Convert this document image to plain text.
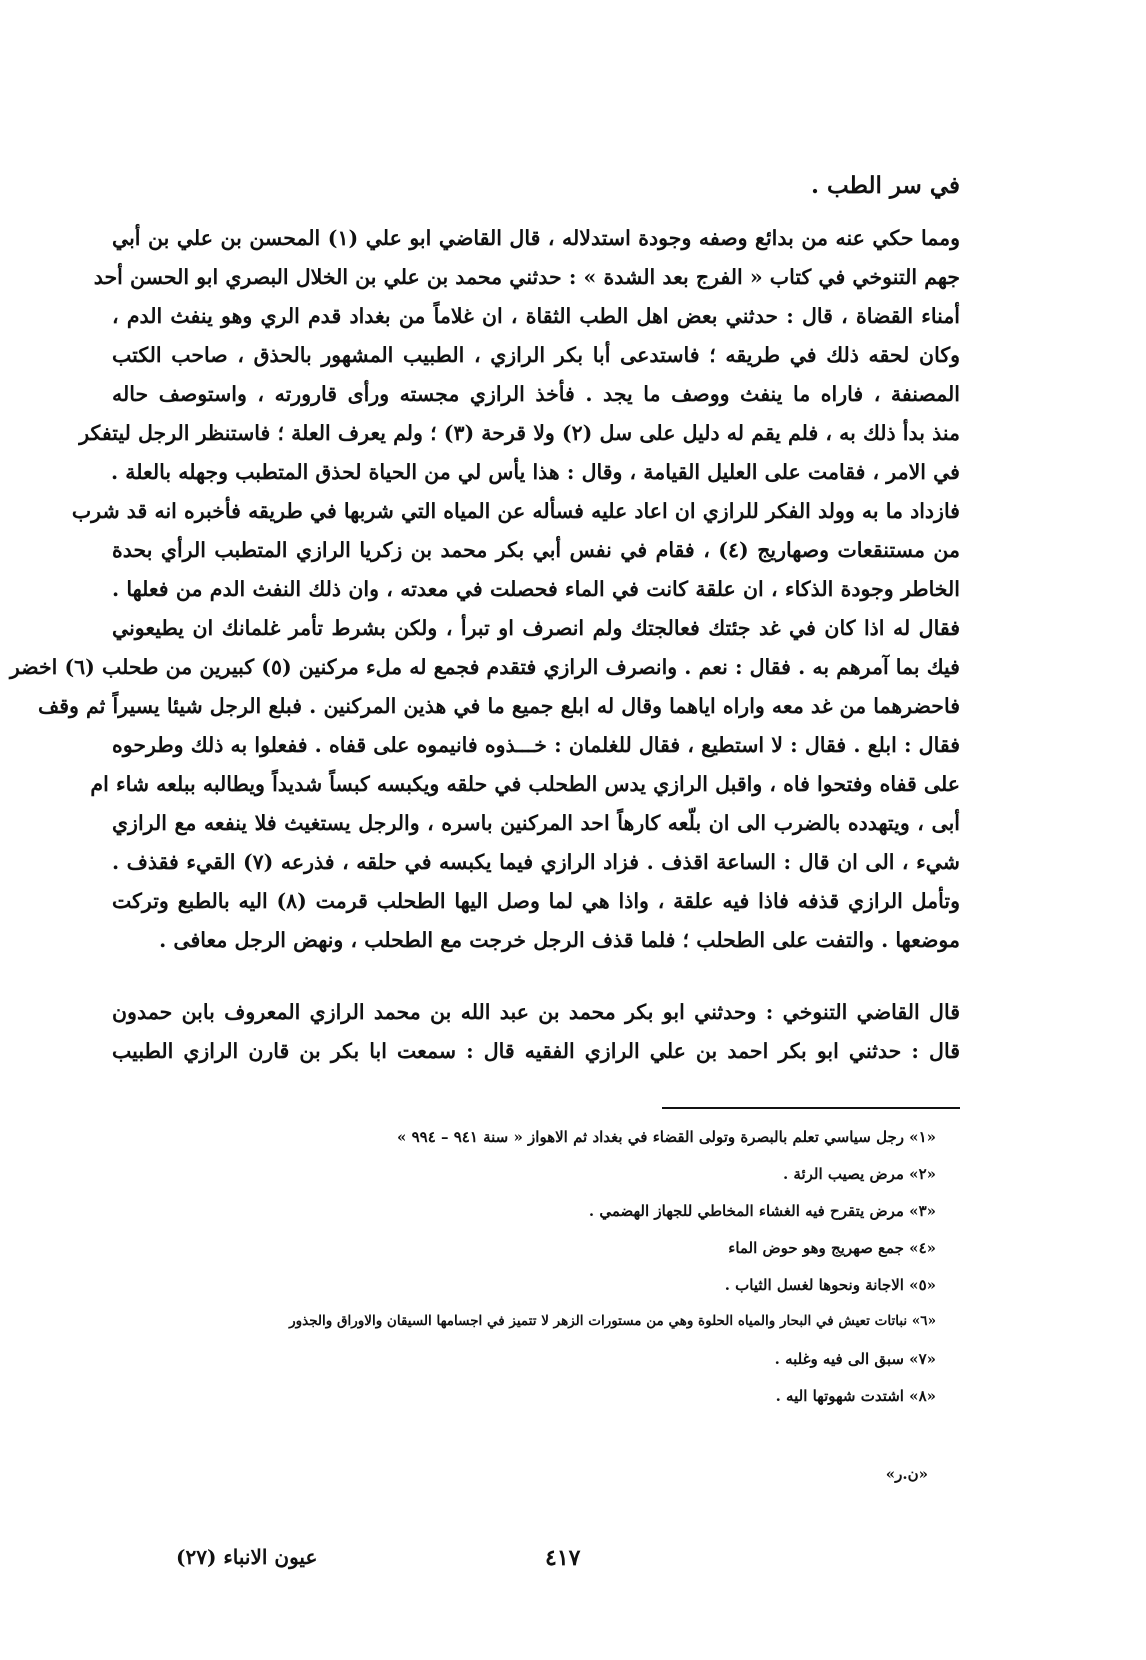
في سر الطب .
ومما حكي عنه من بدائع وصفه وجودة استدلاله ، قال القاضي ابو علي (١) المحسن بن علي بن أبي
جهم التنوخي في كتاب « الفرج بعد الشدة » : حدثني محمد بن علي بن الخلال البصري ابو الحسن أحد
أمناء القضاة ، قال : حدثني بعض اهل الطب الثقاة ، ان غلاماً من بغداد قدم الري وهو ينفث الدم ،
وكان لحقه ذلك في طريقه ؛ فاستدعى أبا بكر الرازي ، الطبيب المشهور بالحذق ، صاحب الكتب
المصنفة ، فاراه ما ينفث ووصف ما يجد . فأخذ الرازي مجسته ورأى قارورته ، واستوصف حاله
منذ بدأ ذلك به ، فلم يقم له دليل على سل (٢) ولا قرحة (٣) ؛ ولم يعرف العلة ؛ فاستنظر الرجل ليتفكر
في الامر ، فقامت على العليل القيامة ، وقال : هذا يأس لي من الحياة لحذق المتطبب وجهله بالعلة .
فازداد ما به وولد الفكر للرازي ان اعاد عليه فسأله عن المياه التي شربها في طريقه فأخبره انه قد شرب
من مستنقعات وصهاريج (٤) ، فقام في نفس أبي بكر محمد بن زكريا الرازي المتطبب الرأي بحدة
الخاطر وجودة الذكاء ، ان علقة كانت في الماء فحصلت في معدته ، وان ذلك النفث الدم من فعلها .
فقال له اذا كان في غد جئتك فعالجتك ولم انصرف او تبرأ ، ولكن بشرط تأمر غلمانك ان يطيعوني
فيك بما آمرهم به . فقال : نعم . وانصرف الرازي فتقدم فجمع له ملء مركنين (٥) كبيرين من طحلب (٦) اخضر
فاحضرهما من غد معه واراه اياهما وقال له ابلع جميع ما في هذين المركنين . فبلع الرجل شيئا يسيراً ثم وقف
فقال : ابلع . فقال : لا استطيع ، فقال للغلمان : خـــذوه فانيموه على قفاه . ففعلوا به ذلك وطرحوه
على قفاه وفتحوا فاه ، واقبل الرازي يدس الطحلب في حلقه ويكبسه كبساً شديداً ويطالبه ببلعه شاء ام
أبى ، ويتهدده بالضرب الى ان بلّعه كارهاً احد المركنين باسره ، والرجل يستغيث فلا ينفعه مع الرازي
شيء ، الى ان قال : الساعة اقذف . فزاد الرازي فيما يكبسه في حلقه ، فذرعه (٧) القيء فقذف .
وتأمل الرازي قذفه فاذا فيه علقة ، واذا هي لما وصل اليها الطحلب قرمت (٨) اليه بالطبع وتركت
موضعها . والتفت على الطحلب ؛ فلما قذف الرجل خرجت مع الطحلب ، ونهض الرجل معافى .
قال القاضي التنوخي : وحدثني ابو بكر محمد بن عبد الله بن محمد الرازي المعروف بابن حمدون
قال : حدثني ابو بكر احمد بن علي الرازي الفقيه قال : سمعت ابا بكر بن قارن الرازي الطبيب
«١» رجل سياسي تعلم بالبصرة وتولى القضاء في بغداد ثم الاهواز « سنة ٩٤١ – ٩٩٤ »
«٢» مرض يصيب الرئة .
«٣» مرض يتقرح فيه الغشاء المخاطي للجهاز الهضمي .
«٤» جمع صهريج وهو حوض الماء
«٥» الاجانة ونحوها لغسل الثياب .
«٦» نباتات تعيش في البحار والمياه الحلوة وهي من مستورات الزهر لا تتميز في اجسامها السيقان والاوراق والجذور
«٧» سبق الى فيه وغلبه .
«٨» اشتدت شهوتها اليه .
«ن.ر»
عيون الانباء (٢٧)	٤١٧
